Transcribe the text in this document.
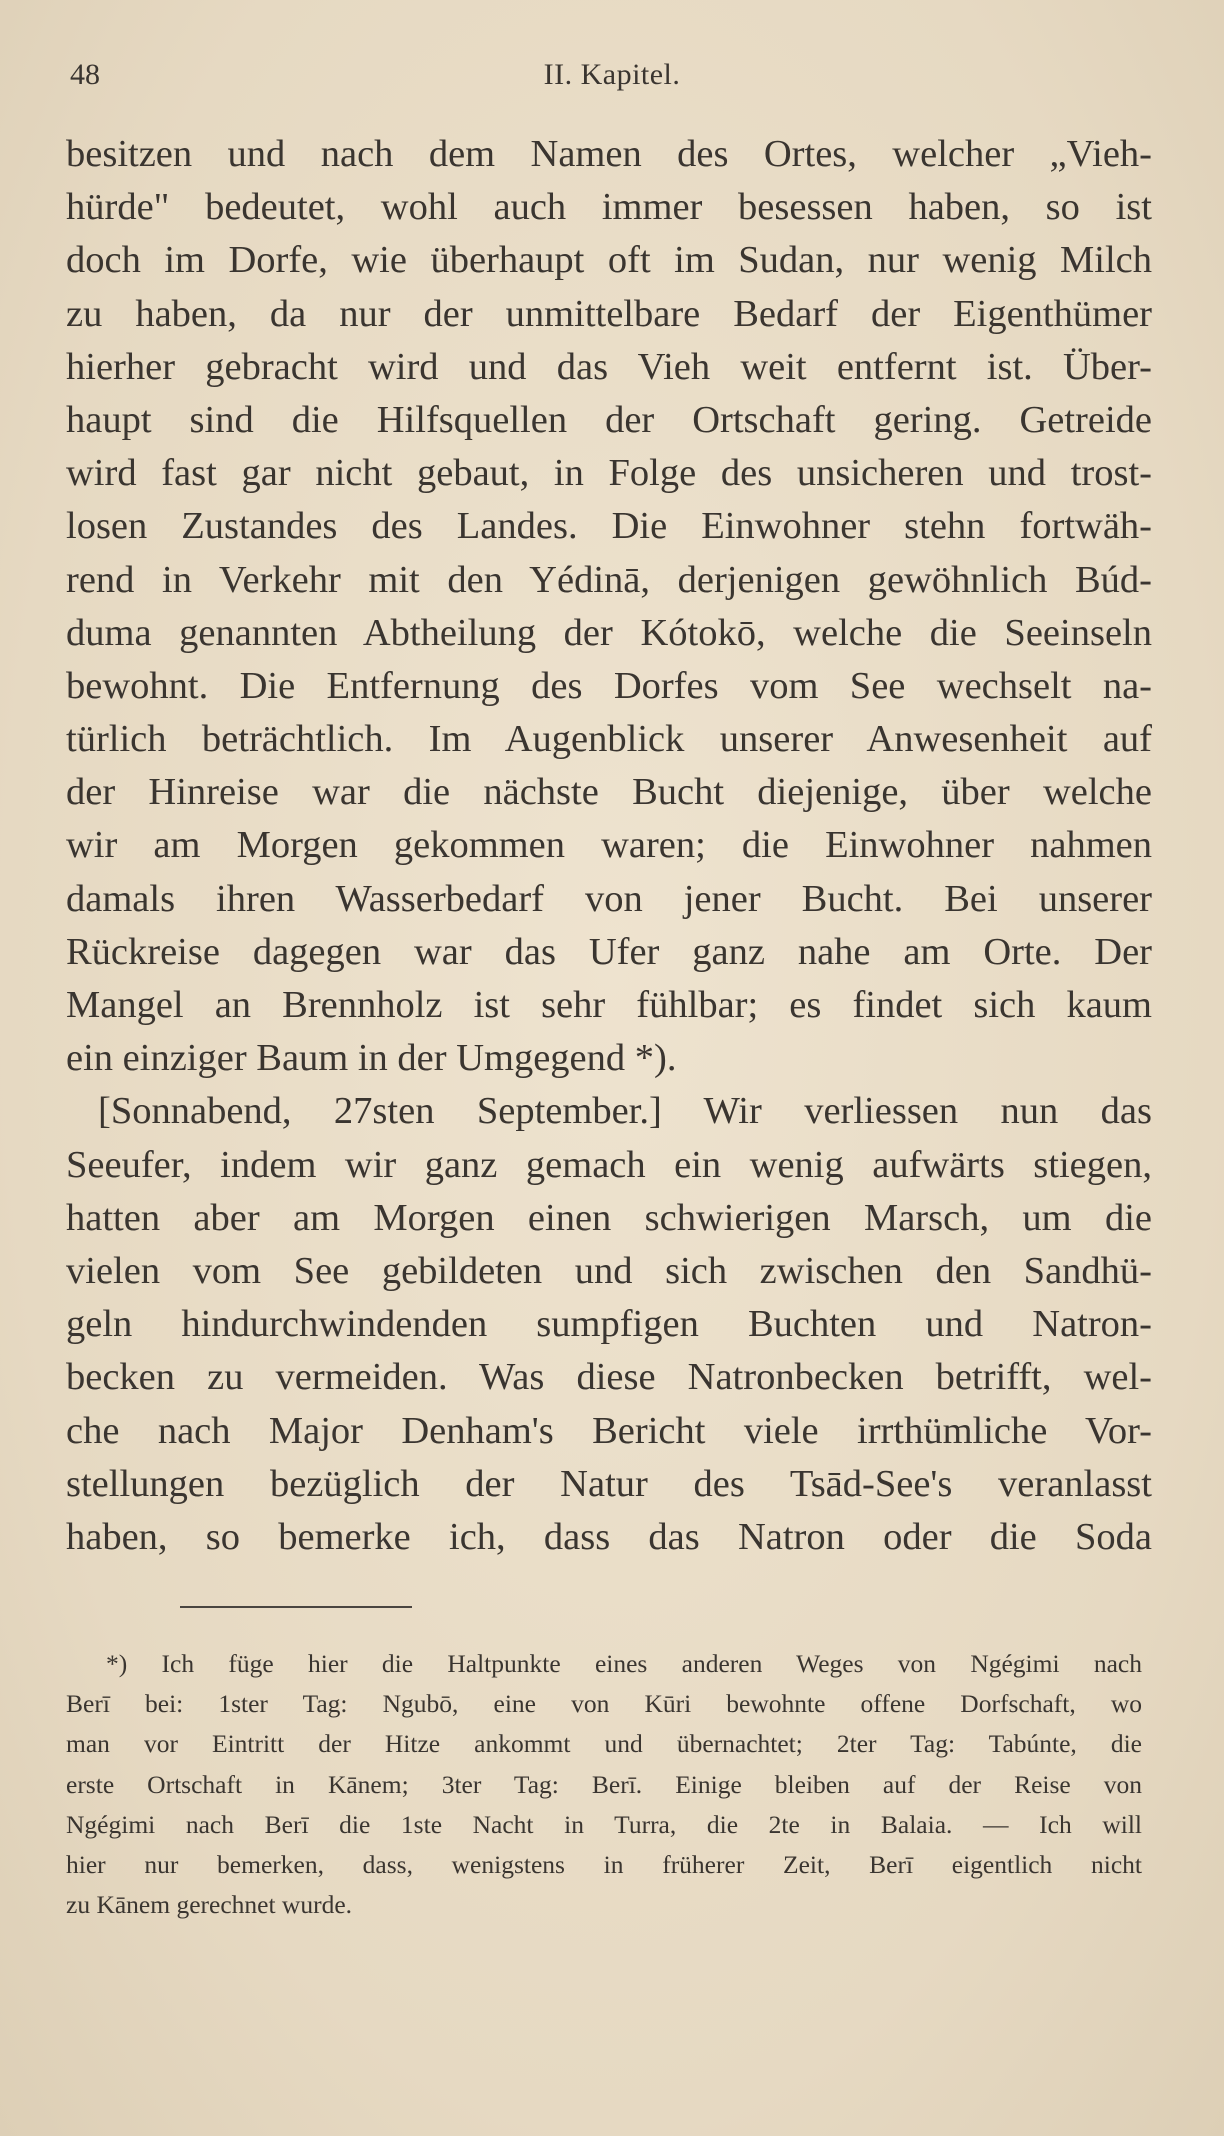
48	II. Kapitel.
besitzen und nach dem Namen des Ortes, welcher „Vieh-
hürde" bedeutet, wohl auch immer besessen haben, so ist
doch im Dorfe, wie überhaupt oft im Sudan, nur wenig Milch
zu haben, da nur der unmittelbare Bedarf der Eigenthümer
hierher gebracht wird und das Vieh weit entfernt ist. Über-
haupt sind die Hilfsquellen der Ortschaft gering. Getreide
wird fast gar nicht gebaut, in Folge des unsicheren und trost-
losen Zustandes des Landes. Die Einwohner stehn fortwäh-
rend in Verkehr mit den Yédinā, derjenigen gewöhnlich Búd-
duma genannten Abtheilung der Kótokō, welche die Seeinseln
bewohnt. Die Entfernung des Dorfes vom See wechselt na-
türlich beträchtlich. Im Augenblick unserer Anwesenheit auf
der Hinreise war die nächste Bucht diejenige, über welche
wir am Morgen gekommen waren; die Einwohner nahmen
damals ihren Wasserbedarf von jener Bucht. Bei unserer
Rückreise dagegen war das Ufer ganz nahe am Orte. Der
Mangel an Brennholz ist sehr fühlbar; es findet sich kaum
ein einziger Baum in der Umgegend *).
[Sonnabend, 27sten September.] Wir verliessen nun das
Seeufer, indem wir ganz gemach ein wenig aufwärts stiegen,
hatten aber am Morgen einen schwierigen Marsch, um die
vielen vom See gebildeten und sich zwischen den Sandhü-
geln hindurchwindenden sumpfigen Buchten und Natron-
becken zu vermeiden. Was diese Natronbecken betrifft, wel-
che nach Major Denham's Bericht viele irrthümliche Vor-
stellungen bezüglich der Natur des Tsād-See's veranlasst
haben, so bemerke ich, dass das Natron oder die Soda
*) Ich füge hier die Haltpunkte eines anderen Weges von Ngégimi nach
Berī bei: 1ster Tag: Ngubō, eine von Kūri bewohnte offene Dorfschaft, wo
man vor Eintritt der Hitze ankommt und übernachtet; 2ter Tag: Tabúnte, die
erste Ortschaft in Kānem; 3ter Tag: Berī. Einige bleiben auf der Reise von
Ngégimi nach Berī die 1ste Nacht in Turra, die 2te in Balaia. — Ich will
hier nur bemerken, dass, wenigstens in früherer Zeit, Berī eigentlich nicht
zu Kānem gerechnet wurde.
